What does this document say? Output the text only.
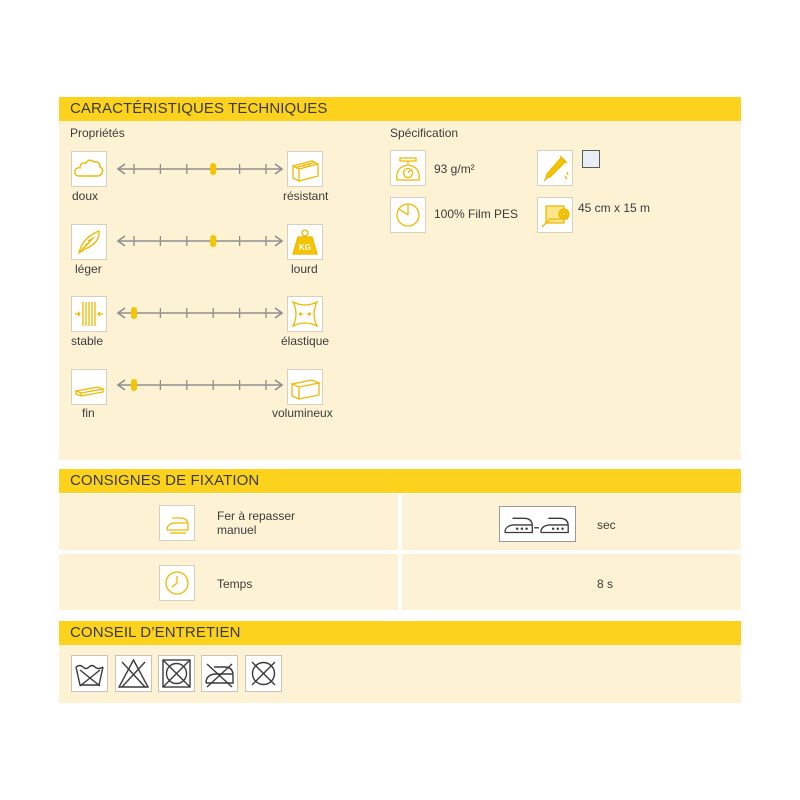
CARACTÉRISTIQUES TECHNIQUES
Propriétés	Spécification
doux	résistant
KG
léger	lourd
stable	élastique
fin	volumineux
93 g/m²
100% Film PES	45 cm x 15 m
CONSIGNES DE FIXATION
Fer à repasser
manuel	sec
Temps	8 s
CONSEIL D’ENTRETIEN
